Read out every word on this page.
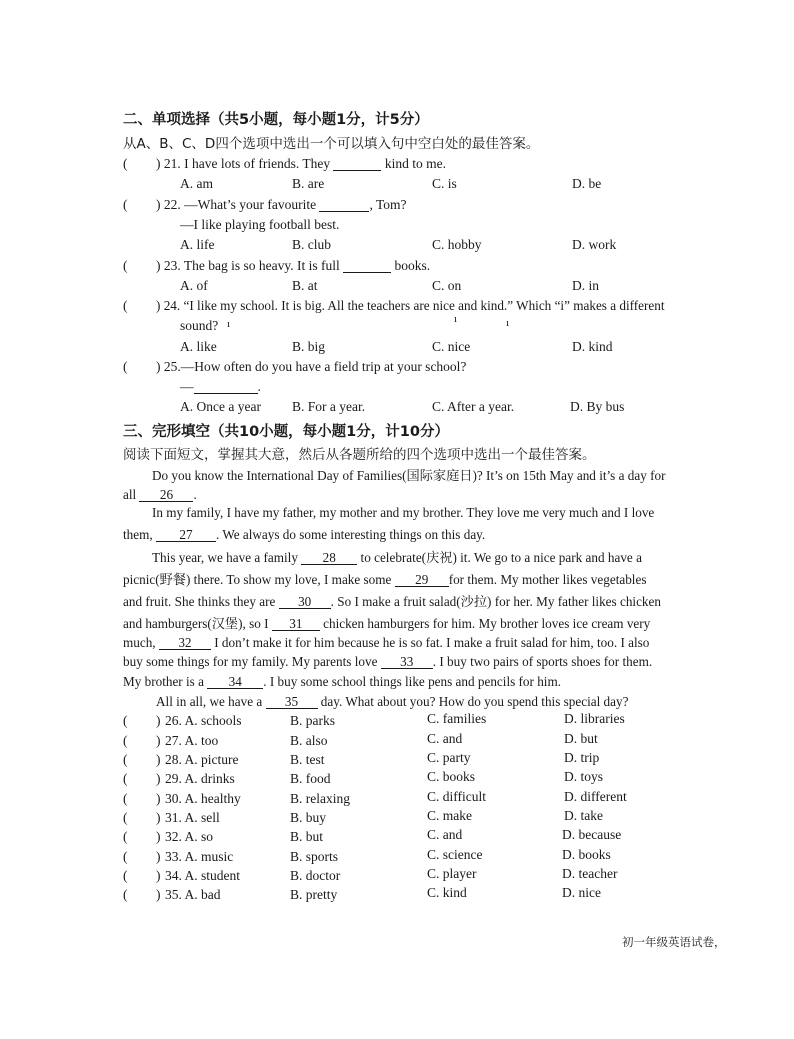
二、单项选择（共5小题，每小题1分，计5分）
从A、B、C、D四个选项中选出一个可以填入句中空白处的最佳答案。
( ) 21. I have lots of friends. They	kind to me.
A. am	B. are	C. is	D. be
( ) 22. —What’s your favourite	, Tom?
—I like playing football best.
A. life	B. club	C. hobby	D. work
( ) 23. The bag is so heavy. It is full	books.
A. of	B. at	C. on	D. in
( ) 24. “I like my school. It is big. All the teachers are nice and kind.” Which “i” makes a different
sound? ı	ı	ı
A. like	B. big	C. nice	D. kind
( ) 25.—How often do you have a field trip at your school?
—	.
A. Once a year B. For a year.	C. After a year.	D. By bus
三、完形填空（共10小题，每小题1分，计10分）
阅读下面短文，掌握其大意，然后从各题所给的四个选项中选出一个最佳答案。
Do you know the International Day of Families(国际家庭日)? It’s on 15th May and it’s a day for
all 26 .
In my family, I have my father, my mother and my brother. They love me very much and I love
them, 27 . We always do some interesting things on this day.
This year, we have a family 28 to celebrate(庆祝) it. We go to a nice park and have a
picnic(野餐) there. To show my love, I make some 29 for them. My mother likes vegetables
and fruit. She thinks they are 30 . So I make a fruit salad(沙拉) for her. My father likes chicken
and hamburgers(汉堡), so I 31 chicken hamburgers for him. My brother loves ice cream very
much, 32 I don’t make it for him because he is so fat. I make a fruit salad for him, too. I also
buy some things for my family. My parents love 33 . I buy two pairs of sports shoes for them.
My brother is a 34 . I buy some school things like pens and pencils for him.
All in all, we have a 35 day. What about you? How do you spend this special day?
( ) 26. A. schools	B. parks	C. families	D. libraries
( ) 27. A. too	B. also	C. and	D. but
( ) 28. A. picture	B. test	C. party	D. trip
( ) 29. A. drinks	B. food	C. books	D. toys
( ) 30. A. healthy	B. relaxing	C. difficult	D. different
( ) 31. A. sell	B. buy	C. make	D. take
( ) 32. A. so	B. but	C. and	D. because
( ) 33. A. music	B. sports	C. science	D. books
( ) 34. A. student	B. doctor	C. player	D. teacher
( ) 35. A. bad	B. pretty	C. kind	D. nice
初一年级英语试卷，
